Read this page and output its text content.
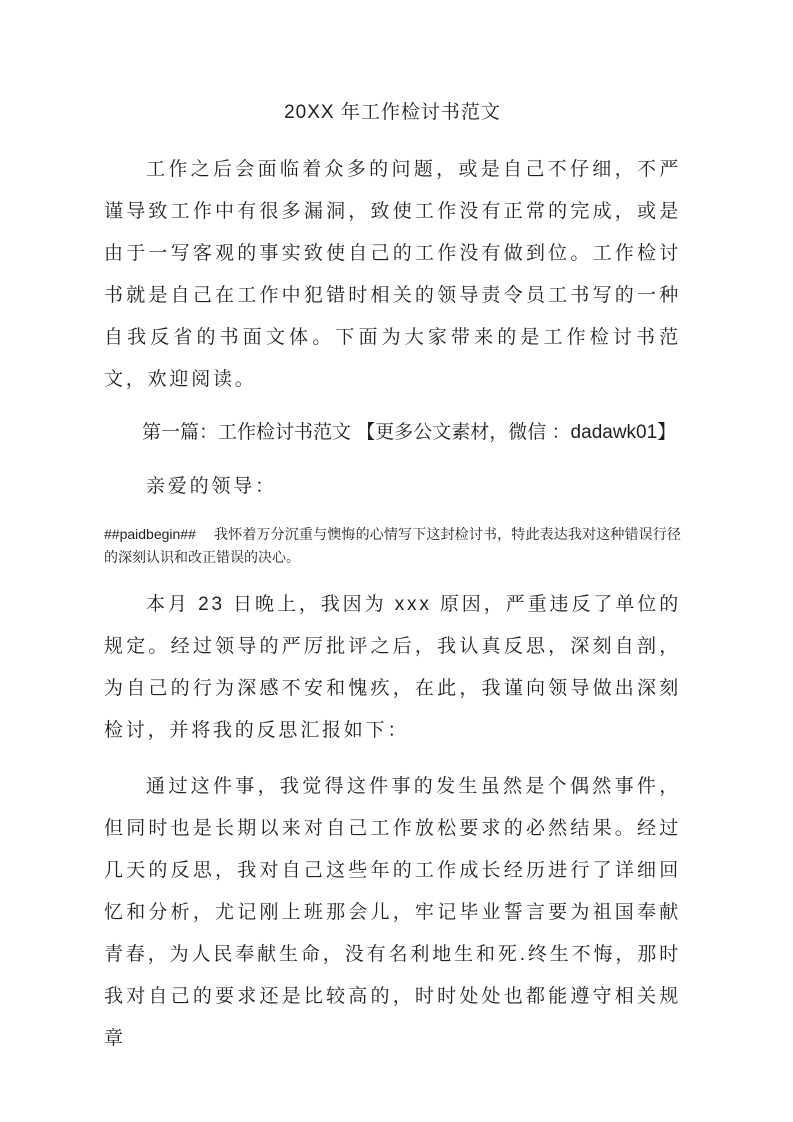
20XX 年工作检讨书范文

工作之后会面临着众多的问题，或是自己不仔细，不严谨导致工作中有很多漏洞，致使工作没有正常的完成，或是由于一写客观的事实致使自己的工作没有做到位。工作检讨书就是自己在工作中犯错时相关的领导责令员工书写的一种自我反省的书面文体。下面为大家带来的是工作检讨书范文，欢迎阅读。

第一篇：工作检讨书范文 【更多公文素材，微信 ：dadawk01】

亲爱的领导：

##paidbegin## 我怀着万分沉重与懊悔的心情写下这封检讨书，特此表达我对这种错误行径的深刻认识和改正错误的决心。

本月 23 日晚上，我因为 xxx 原因，严重违反了单位的规定。经过领导的严厉批评之后，我认真反思，深刻自剖，为自己的行为深感不安和愧疚，在此，我谨向领导做出深刻检讨，并将我的反思汇报如下：

通过这件事，我觉得这件事的发生虽然是个偶然事件，但同时也是长期以来对自己工作放松要求的必然结果。经过几天的反思，我对自己这些年的工作成长经历进行了详细回忆和分析，尤记刚上班那会儿，牢记毕业誓言要为祖国奉献青春，为人民奉献生命，没有名利地生和死.终生不悔，那时我对自己的要求还是比较高的，时时处处也都能遵守相关规章
